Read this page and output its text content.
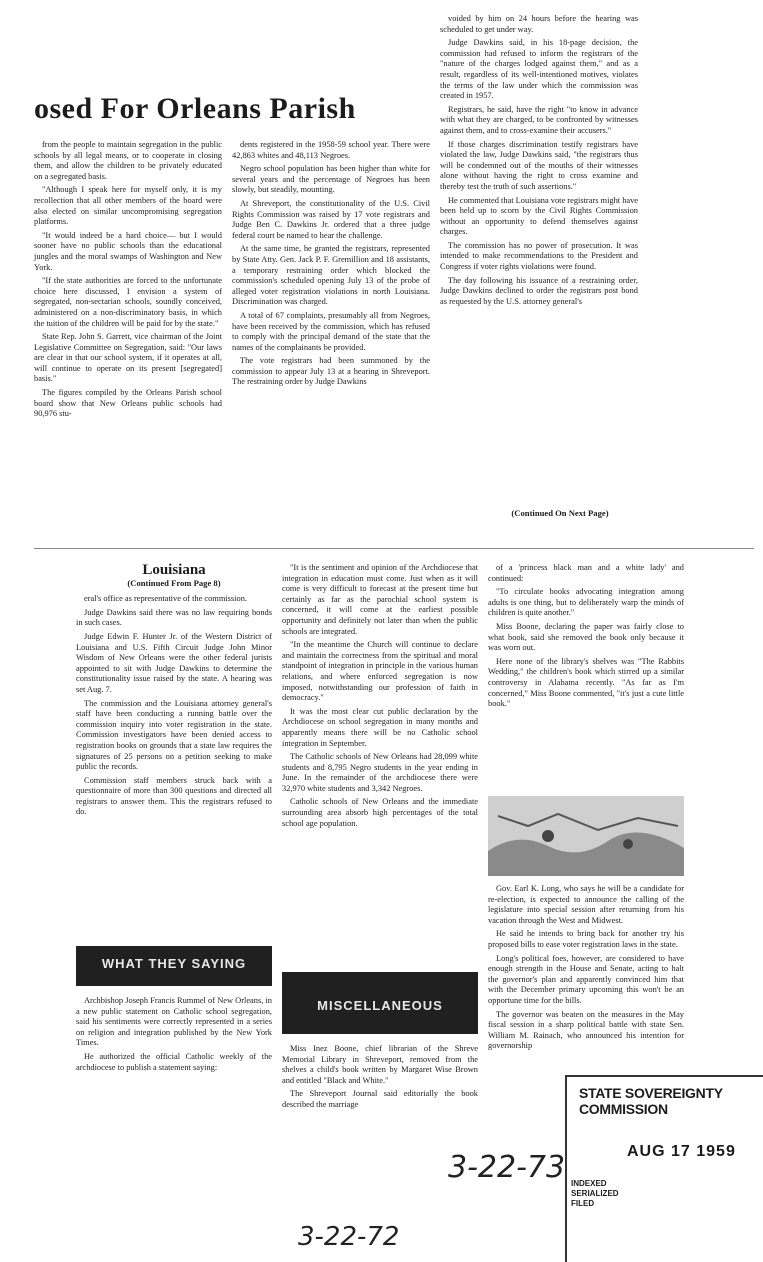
osed For Orleans Parish

from the people to maintain segregation in the public schools by all legal means, or to cooperate in closing them, and allow the children to be privately educated on a segregated basis.

"Although I speak here for myself only, it is my recollection that all other members of the board were also elected on similar uncompromising segregation platforms.

"It would indeed be a hard choice— but I would sooner have no public schools than the educational jungles and the moral swamps of Washington and New York.

"If the state authorities are forced to the unfortunate choice here discussed, I envision a system of segregated, non-sectarian schools, soundly conceived, administered on a non-discriminatory basis, in which the tuition of the children will be paid for by the state."

State Rep. John S. Garrett, vice chairman of the Joint Legislative Committee on Segregation, said: "Our laws are clear in that our school system, if it operates at all, will continue to operate on its present [segregated] basis."

The figures compiled by the Orleans Parish school board show that New Orleans public schools had 90,976 stu-

dents registered in the 1958-59 school year. There were 42,863 whites and 48,113 Negroes.

Negro school population has been higher than white for several years and the percentage of Negroes has been slowly, but steadily, mounting.

At Shreveport, the constitutionality of the U.S. Civil Rights Commission was raised by 17 vote registrars and Judge Ben C. Dawkins Jr. ordered that a three judge federal court be named to hear the challenge.

At the same time, he granted the registrars, represented by State Atty. Gen. Jack P. F. Gremillion and 18 assistants, a temporary restraining order which blocked the commission's scheduled opening July 13 of the probe of alleged voter registration violations in north Louisiana. Discrimination was charged.

A total of 67 complaints, presumably all from Negroes, have been received by the commission, which has refused to comply with the principal demand of the state that the names of the complainants be provided.

The vote registrars had been summoned by the commission to appear July 13 at a hearing in Shreveport. The restraining order by Judge Dawkins

voided by him on 24 hours before the hearing was scheduled to get under way.

Judge Dawkins said, in his 18-page decision, the commission had refused to inform the registrars of the "nature of the charges lodged against them," and as a result, regardless of its well-intentioned motives, violates the terms of the law under which the commission was created in 1957.

Registrars, he said, have the right "to know in advance with what they are charged, to be confronted by witnesses against them, and to cross-examine their accusers."

If those charges discrimination testify registrars have violated the law, Judge Dawkins said, "the registrars thus will be condemned out of the mouths of their witnesses alone without having the right to cross examine and thereby test the truth of such assertions."

He commented that Louisiana vote registrars might have been held up to scorn by the Civil Rights Commission without an opportunity to defend themselves against charges.

The commission has no power of prosecution. It was intended to make recommendations to the President and Congress if voter rights violations were found.

The day following his issuance of a restraining order, Judge Dawkins declined to order the registrars post bond as requested by the U.S. attorney general's

(Continued On Next Page)
Louisiana
(Continued From Page 8)

eral's office as representative of the commission.

Judge Dawkins said there was no law requiring bonds in such cases.

Judge Edwin F. Hunter Jr. of the Western District of Louisiana and U.S. Fifth Circuit Judge John Minor Wisdom of New Orleans were the other federal jurists appointed to sit with Judge Dawkins to determine the constitutionality issue raised by the state. A hearing was set Aug. 7.

The commission and the Louisiana attorney general's staff have been conducting a running battle over the commission inquiry into voter registration in the state. Commission investigators have been denied access to registration books on grounds that a state law requires the signatures of 25 persons on a petition seeking to make public the records.

Commission staff members struck back with a questionnaire of more than 300 questions and directed all registrars to answer them. This the registrars refused to do.

WHAT THEY SAYING

Archbishop Joseph Francis Rummel of New Orleans, in a new public statement on Catholic school segregation, said his sentiments were correctly represented in a series on religion and integration published by the New York Times.

He authorized the official Catholic weekly of the archdiocese to publish a statement saying:

"It is the sentiment and opinion of the Archdiocese that integration in education must come. Just when as it will come is very difficult to forecast at the present time but certainly as far as the parochial school system is concerned, it will come at the earliest possible opportunity and definitely not later than when the public schools are integrated.

"In the meantime the Church will continue to declare and maintain the correctness from the spiritual and moral standpoint of integration in principle in the various human relations, and where enforced segregation is now imposed, notwithstanding our profession of faith in democracy."

It was the most clear cut public declaration by the Archdiocese on school segregation in many months and apparently means there will be no Catholic school integration in September.

The Catholic schools of New Orleans had 28,099 white students and 8,795 Negro students in the year ending in June. In the remainder of the archdiocese there were 32,970 white students and 3,342 Negroes.

Catholic schools of New Orleans and the immediate surrounding area absorb high percentages of the total school age population.

MISCELLANEOUS

Miss Inez Boone, chief librarian of the Shreve Memorial Library in Shreveport, removed from the shelves a child's book written by Margaret Wise Brown and entitled "Black and White."

The Shreveport Journal said editorially the book described the marriage

of a 'princess black man and a white lady' and continued:

"To circulate books advocating integration among adults is one thing, but to deliberately warp the minds of children is quite another."

Miss Boone, declaring the paper was fairly close to what book, said she removed the book only because it was worn out.

Here none of the library's shelves was "The Rabbits Wedding," the children's book which stirred up a similar controversy in Alabama recently. "As far as I'm concerned," Miss Boone commented, "it's just a cute little book."

Gov. Earl K. Long, who says he will be a candidate for re-election, is expected to announce the calling of the legislature into special session after returning from his vacation through the West and Midwest.

He said he intends to bring back for another try his proposed bills to ease voter registration laws in the state.

Long's political foes, however, are considered to have enough strength in the House and Senate, acting to halt the governor's plan and apparently convinced him that with the December primary upcoming this won't be an opportune time for the bills.

The governor was beaten on the measures in the May fiscal session in a sharp political battle with state Sen. William M. Rainach, who announced his intention for governorship

STATE SOVEREIGNTY COMMISSION
AUG 17 1959
INDEXED
SERIALIZED
FILED
3-22-73
3-22-72
